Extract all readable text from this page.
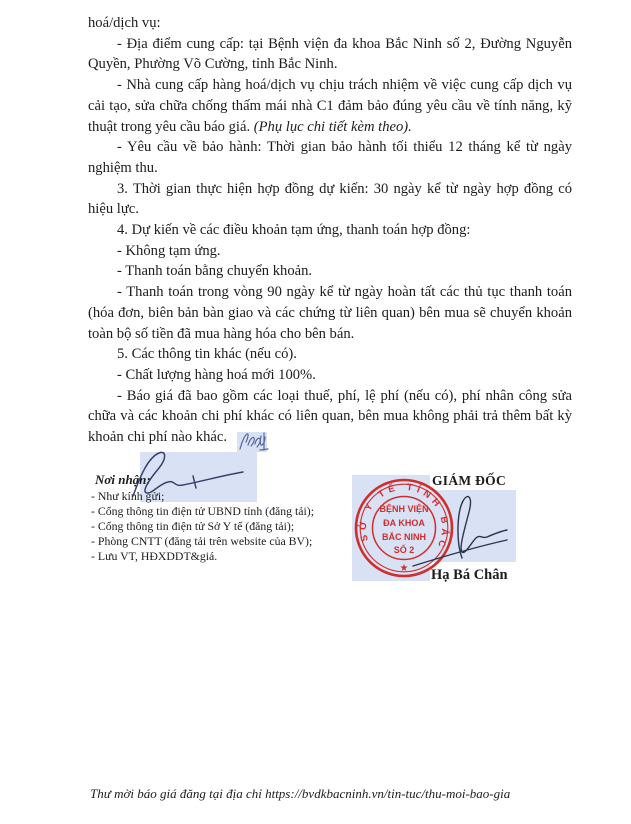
hoá/dịch vụ:

- Địa điểm cung cấp: tại Bệnh viện đa khoa Bắc Ninh số 2, Đường Nguyễn Quyền, Phường Võ Cường, tỉnh Bắc Ninh.

- Nhà cung cấp hàng hoá/dịch vụ chịu trách nhiệm về việc cung cấp dịch vụ cải tạo, sửa chữa chống thấm mái nhà C1 đảm bảo đúng yêu cầu về tính năng, kỹ thuật trong yêu cầu báo giá. (Phụ lục chi tiết kèm theo).

- Yêu cầu về bảo hành: Thời gian bảo hành tối thiểu 12 tháng kể từ ngày nghiệm thu.

3. Thời gian thực hiện hợp đồng dự kiến: 30 ngày kể từ ngày hợp đồng có hiệu lực.

4. Dự kiến về các điều khoản tạm ứng, thanh toán hợp đồng:

- Không tạm ứng.

- Thanh toán bằng chuyển khoản.

- Thanh toán trong vòng 90 ngày kể từ ngày hoàn tất các thủ tục thanh toán (hóa đơn, biên bản bàn giao và các chứng từ liên quan) bên mua sẽ chuyển khoản toàn bộ số tiền đã mua hàng hóa cho bên bán.

5. Các thông tin khác (nếu có).

- Chất lượng hàng hoá mới 100%.

- Báo giá đã bao gồm các loại thuế, phí, lệ phí (nếu có), phí nhân công sửa chữa và các khoản chi phí khác có liên quan, bên mua không phải trả thêm bất kỳ khoản chi phí nào khác.

Nơi nhận:
- Như kính gửi;
- Cổng thông tin điện tử UBND tỉnh (đăng tải);
- Cổng thông tin điện tử Sở Y tế (đăng tải);
- Phòng CNTT (đăng tải trên website của BV);
- Lưu VT, HĐXDDT&giá.
SỞ Y TẾ TỈNH BẮC NINH
BỆNH VIỆN
ĐA KHOA
BẮC NINH
SỐ 2
★
GIÁM ĐỐC
Hạ Bá Chân
Thư mời báo giá đăng tại địa chỉ https://bvdkbacninh.vn/tin-tuc/thu-moi-bao-gia
